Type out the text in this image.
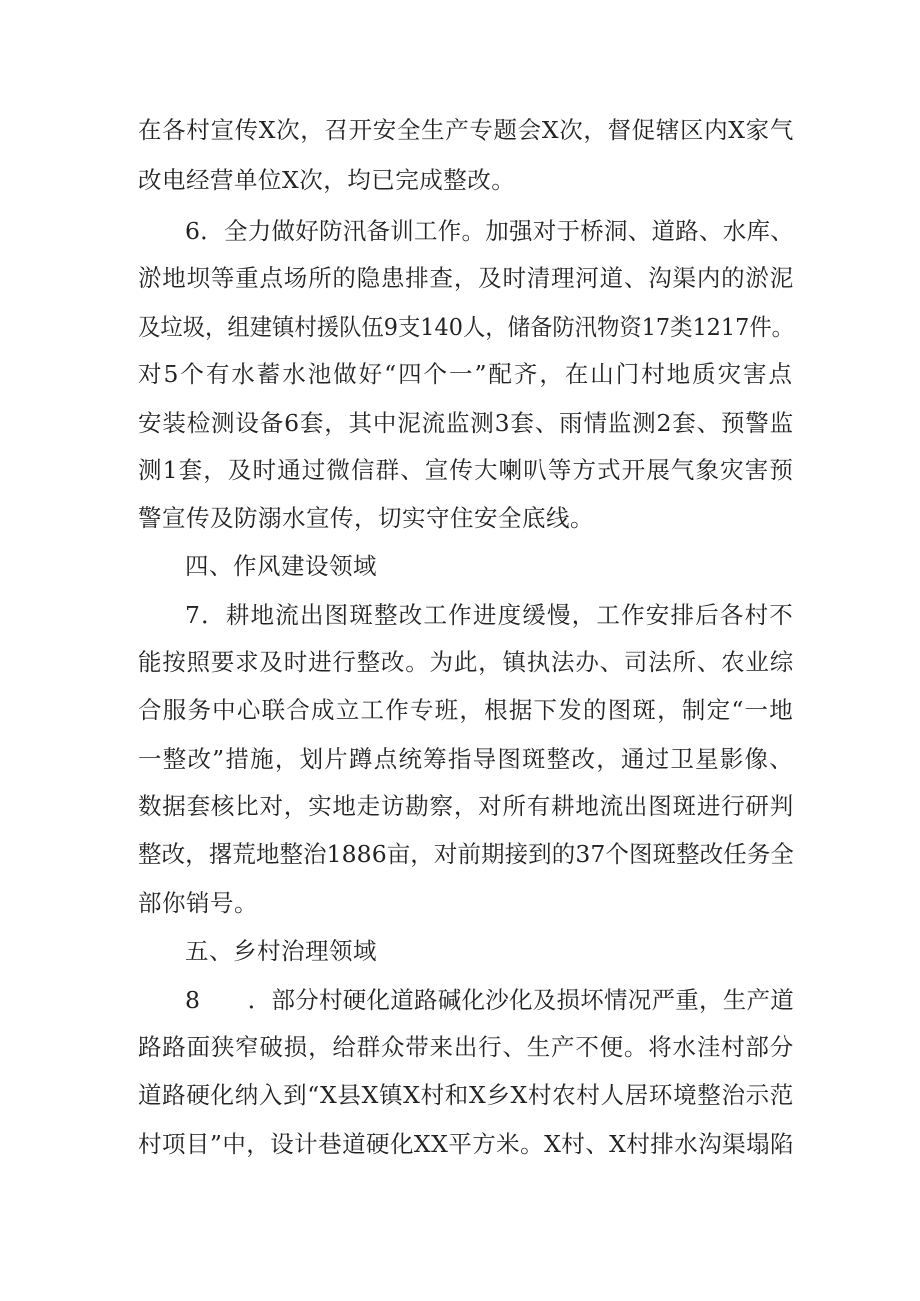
在各村宣传X次，召开安全生产专题会X次，督促辖区内X家气
改电经营单位X次，均已完成整改。
6．全力做好防汛备训工作。加强对于桥洞、道路、水库、
淤地坝等重点场所的隐患排查，及时清理河道、沟渠内的淤泥
及垃圾，组建镇村援队伍9支140人，储备防汛物资17类1217件。
对5个有水蓄水池做好“四个一”配齐，在山门村地质灾害点
安装检测设备6套，其中泥流监测3套、雨情监测2套、预警监
测1套，及时通过微信群、宣传大喇叭等方式开展气象灾害预
警宣传及防溺水宣传，切实守住安全底线。
四、作风建设领域
7．耕地流出图斑整改工作进度缓慢，工作安排后各村不
能按照要求及时进行整改。为此，镇执法办、司法所、农业综
合服务中心联合成立工作专班，根据下发的图斑，制定“一地
一整改”措施，划片蹲点统筹指导图斑整改，通过卫星影像、
数据套核比对，实地走访勘察，对所有耕地流出图斑进行研判
整改，撂荒地整治1886亩，对前期接到的37个图斑整改任务全
部你销号。
五、乡村治理领域
8　　．部分村硬化道路碱化沙化及损坏情况严重，生产道
路路面狭窄破损，给群众带来出行、生产不便。将水洼村部分
道路硬化纳入到“X县X镇X村和X乡X村农村人居环境整治示范
村项目”中，设计巷道硬化XX平方米。X村、X村排水沟渠塌陷
